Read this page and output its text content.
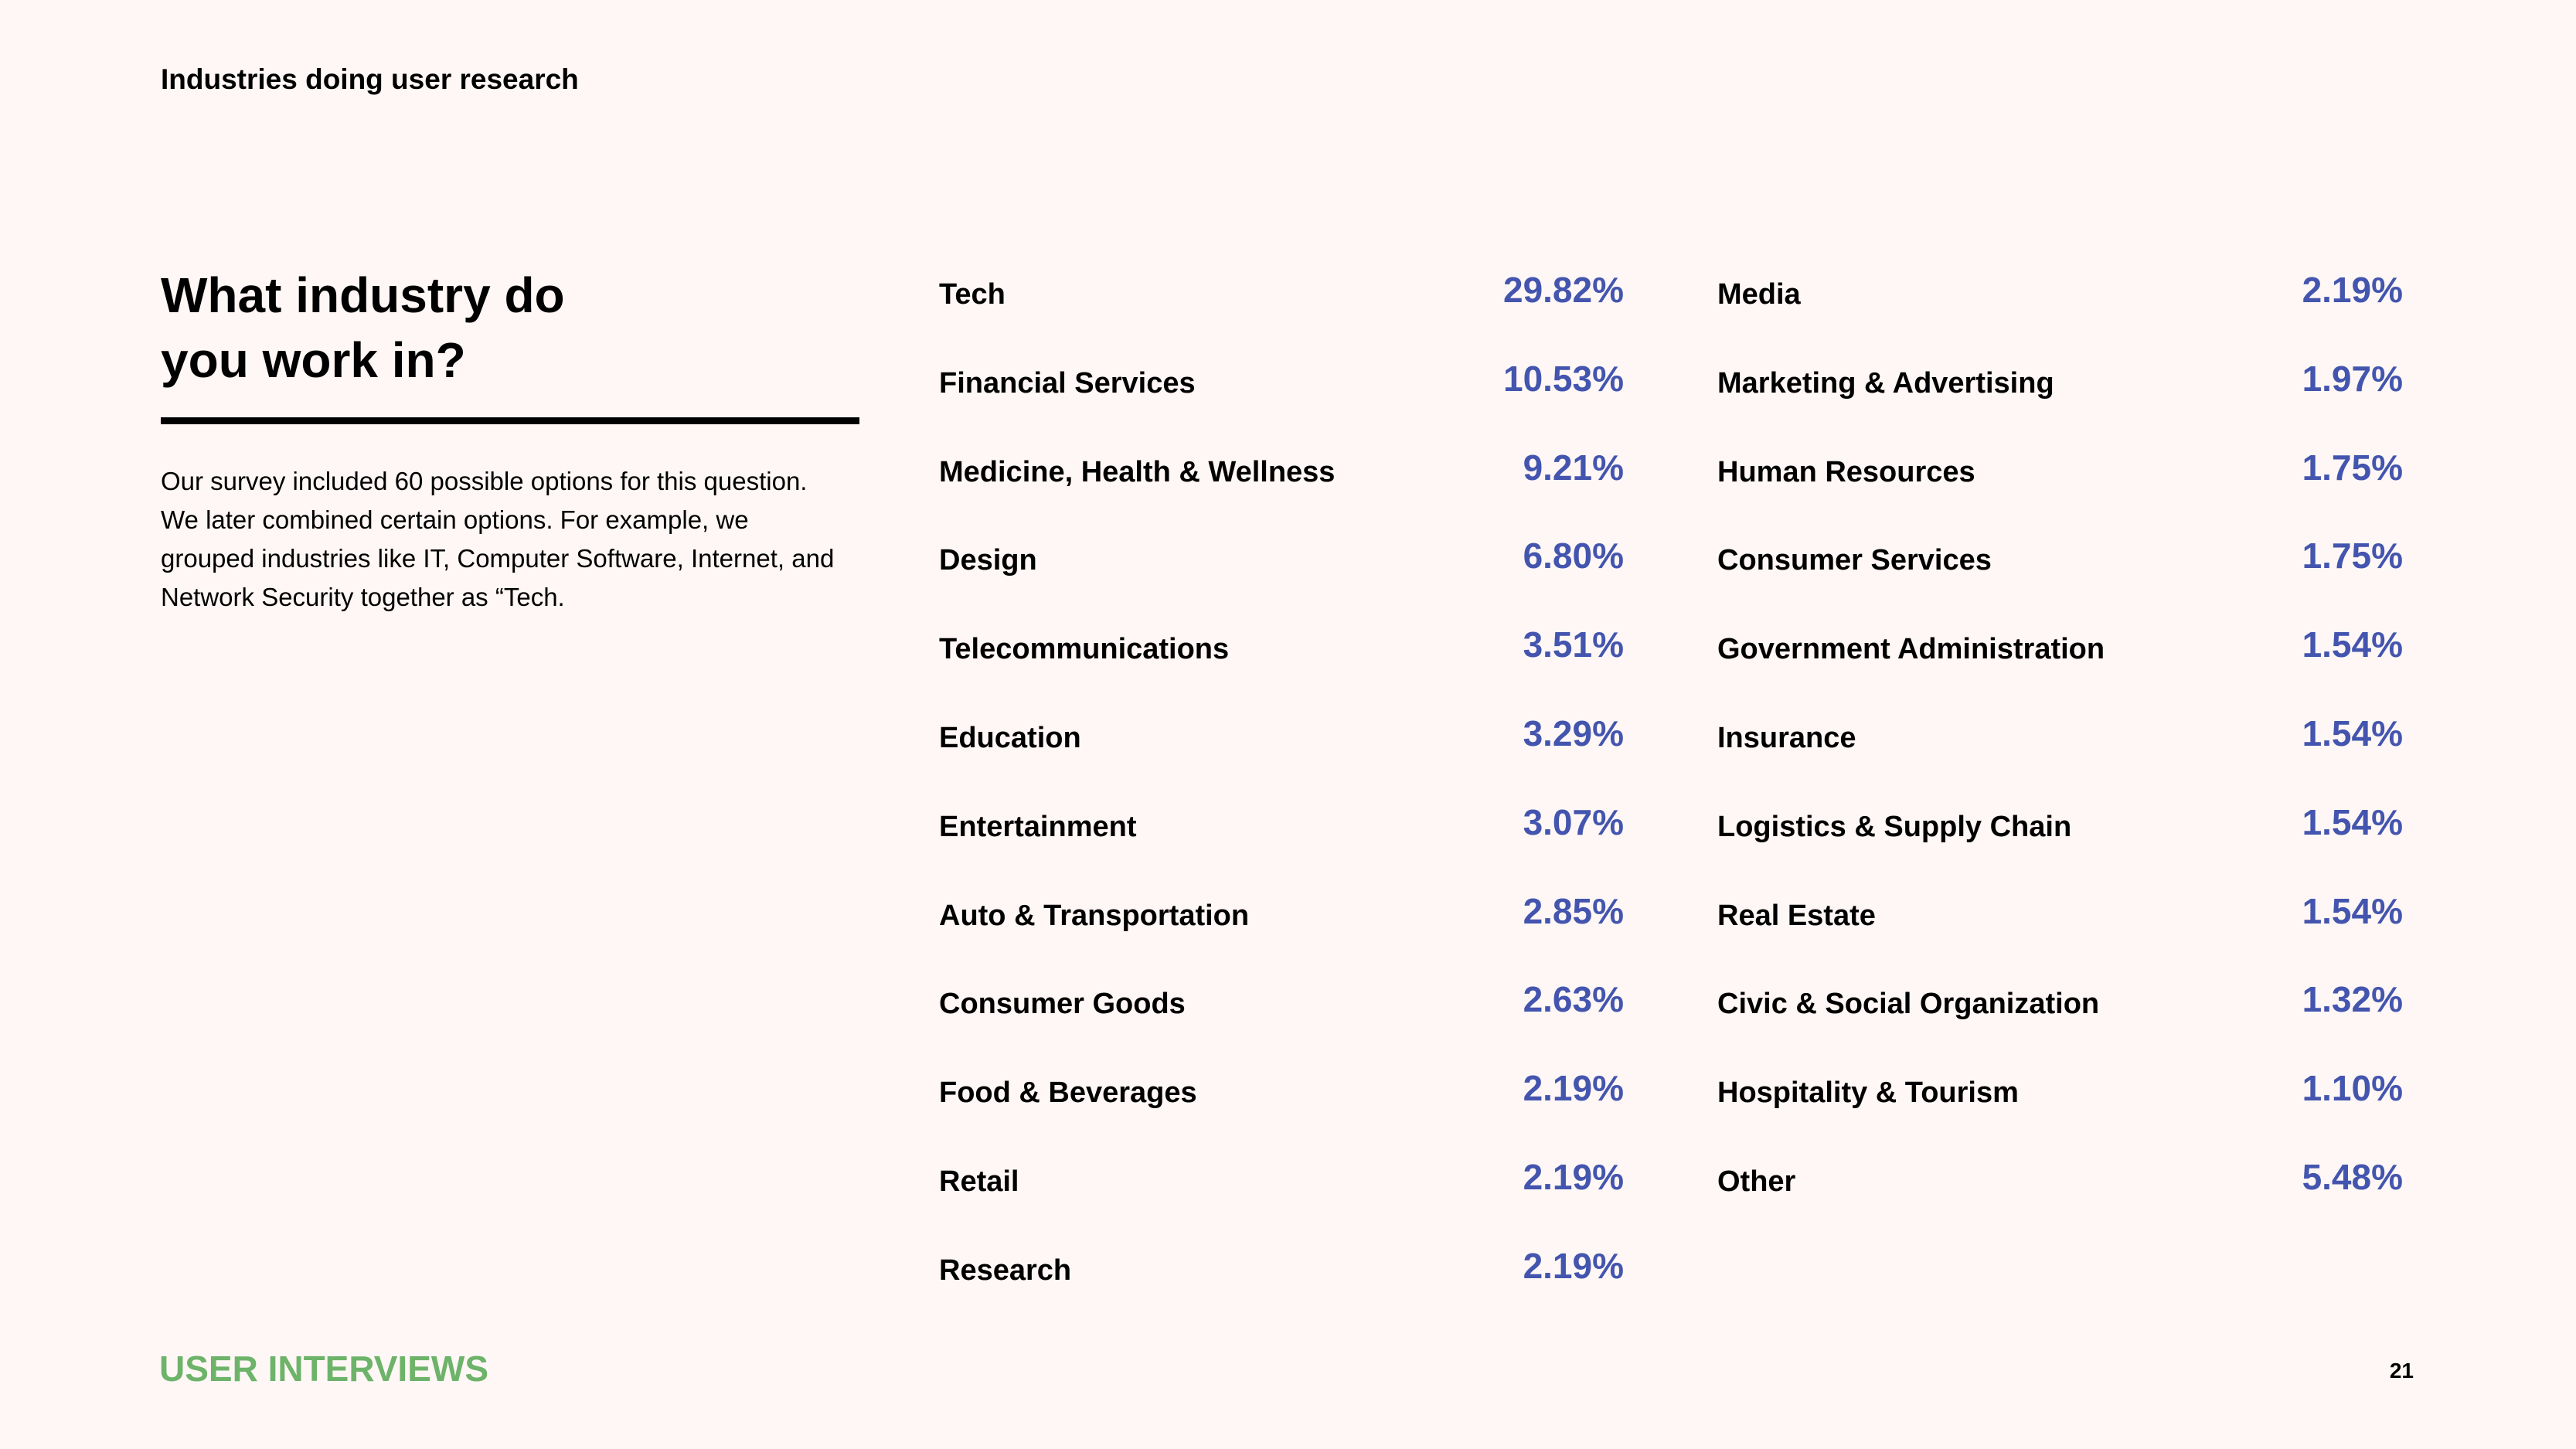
Industries doing user research
What industry do
you work in?
Our survey included 60 possible options for this question. We later combined certain options. For example, we grouped industries like IT, Computer Software, Internet, and Network Security together as “Tech.
Tech	29.82%
Financial Services	10.53%
Medicine, Health & Wellness	9.21%
Design	6.80%
Telecommunications	3.51%
Education	3.29%
Entertainment	3.07%
Auto & Transportation	2.85%
Consumer Goods	2.63%
Food & Beverages	2.19%
Retail	2.19%
Research	2.19%
Media	2.19%
Marketing & Advertising	1.97%
Human Resources	1.75%
Consumer Services	1.75%
Government Administration	1.54%
Insurance	1.54%
Logistics & Supply Chain	1.54%
Real Estate	1.54%
Civic & Social Organization	1.32%
Hospitality & Tourism	1.10%
Other	5.48%
USER INTERVIEWS	21
